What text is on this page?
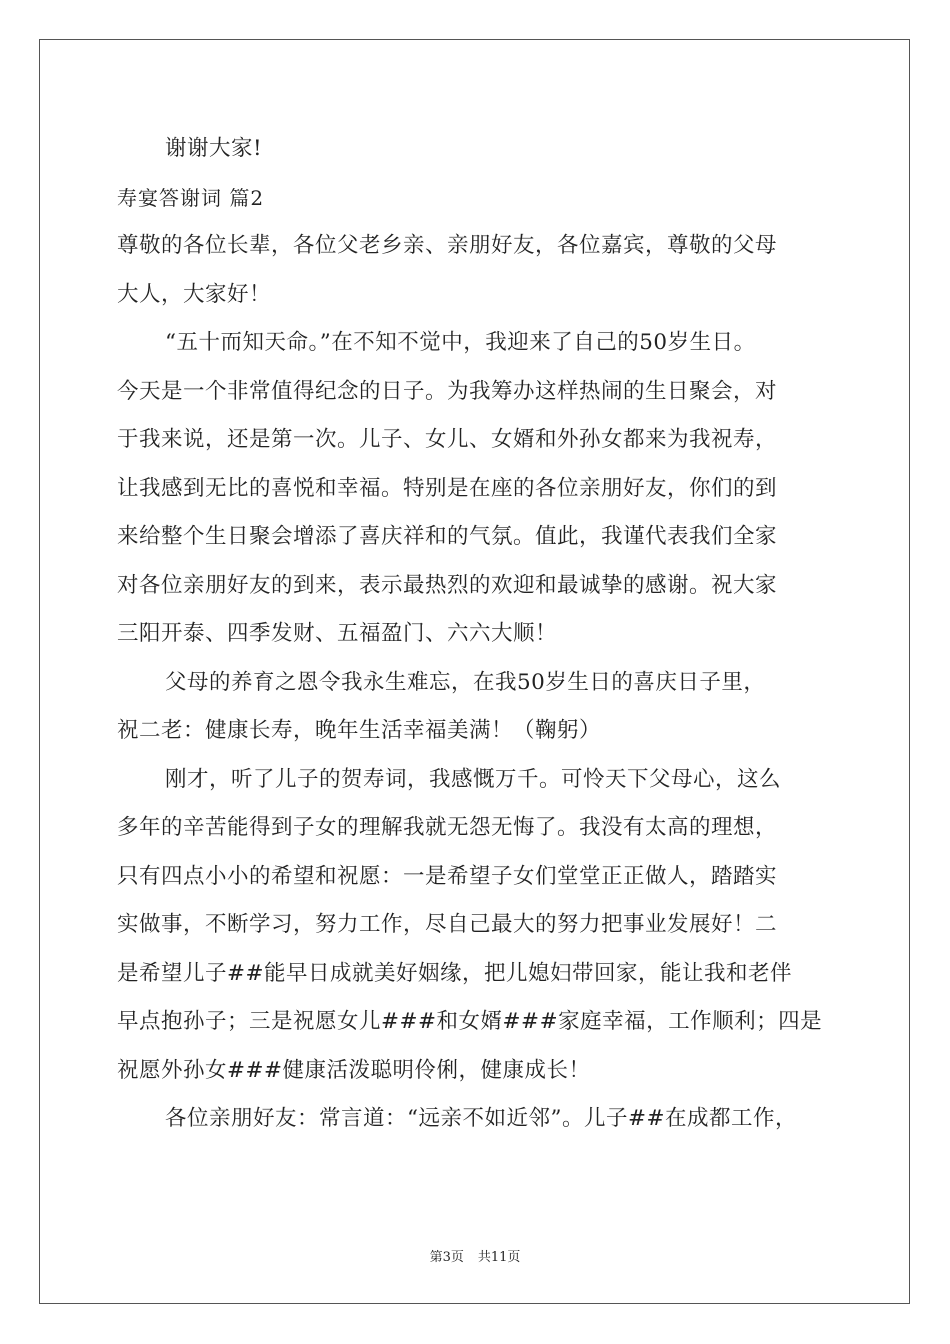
谢谢大家!
寿宴答谢词 篇2
尊敬的各位长辈，各位父老乡亲、亲朋好友，各位嘉宾，尊敬的父母
大人，大家好！
“五十而知天命。”在不知不觉中，我迎来了自己的50岁生日。
今天是一个非常值得纪念的日子。为我筹办这样热闹的生日聚会，对
于我来说，还是第一次。儿子、女儿、女婿和外孙女都来为我祝寿，
让我感到无比的喜悦和幸福。特别是在座的各位亲朋好友，你们的到
来给整个生日聚会增添了喜庆祥和的气氛。值此，我谨代表我们全家
对各位亲朋好友的到来，表示最热烈的欢迎和最诚挚的感谢。祝大家
三阳开泰、四季发财、五福盈门、六六大顺！
父母的养育之恩令我永生难忘，在我50岁生日的喜庆日子里，
祝二老：健康长寿，晚年生活幸福美满！（鞠躬）
刚才，听了儿子的贺寿词，我感慨万千。可怜天下父母心，这么
多年的辛苦能得到子女的理解我就无怨无悔了。我没有太高的理想，
只有四点小小的希望和祝愿：一是希望子女们堂堂正正做人，踏踏实
实做事，不断学习，努力工作，尽自己最大的努力把事业发展好！二
是希望儿子##能早日成就美好姻缘，把儿媳妇带回家，能让我和老伴
早点抱孙子；三是祝愿女儿###和女婿###家庭幸福，工作顺利；四是
祝愿外孙女###健康活泼聪明伶俐，健康成长！
各位亲朋好友：常言道：“远亲不如近邻”。儿子##在成都工作，
第3页 共11页
